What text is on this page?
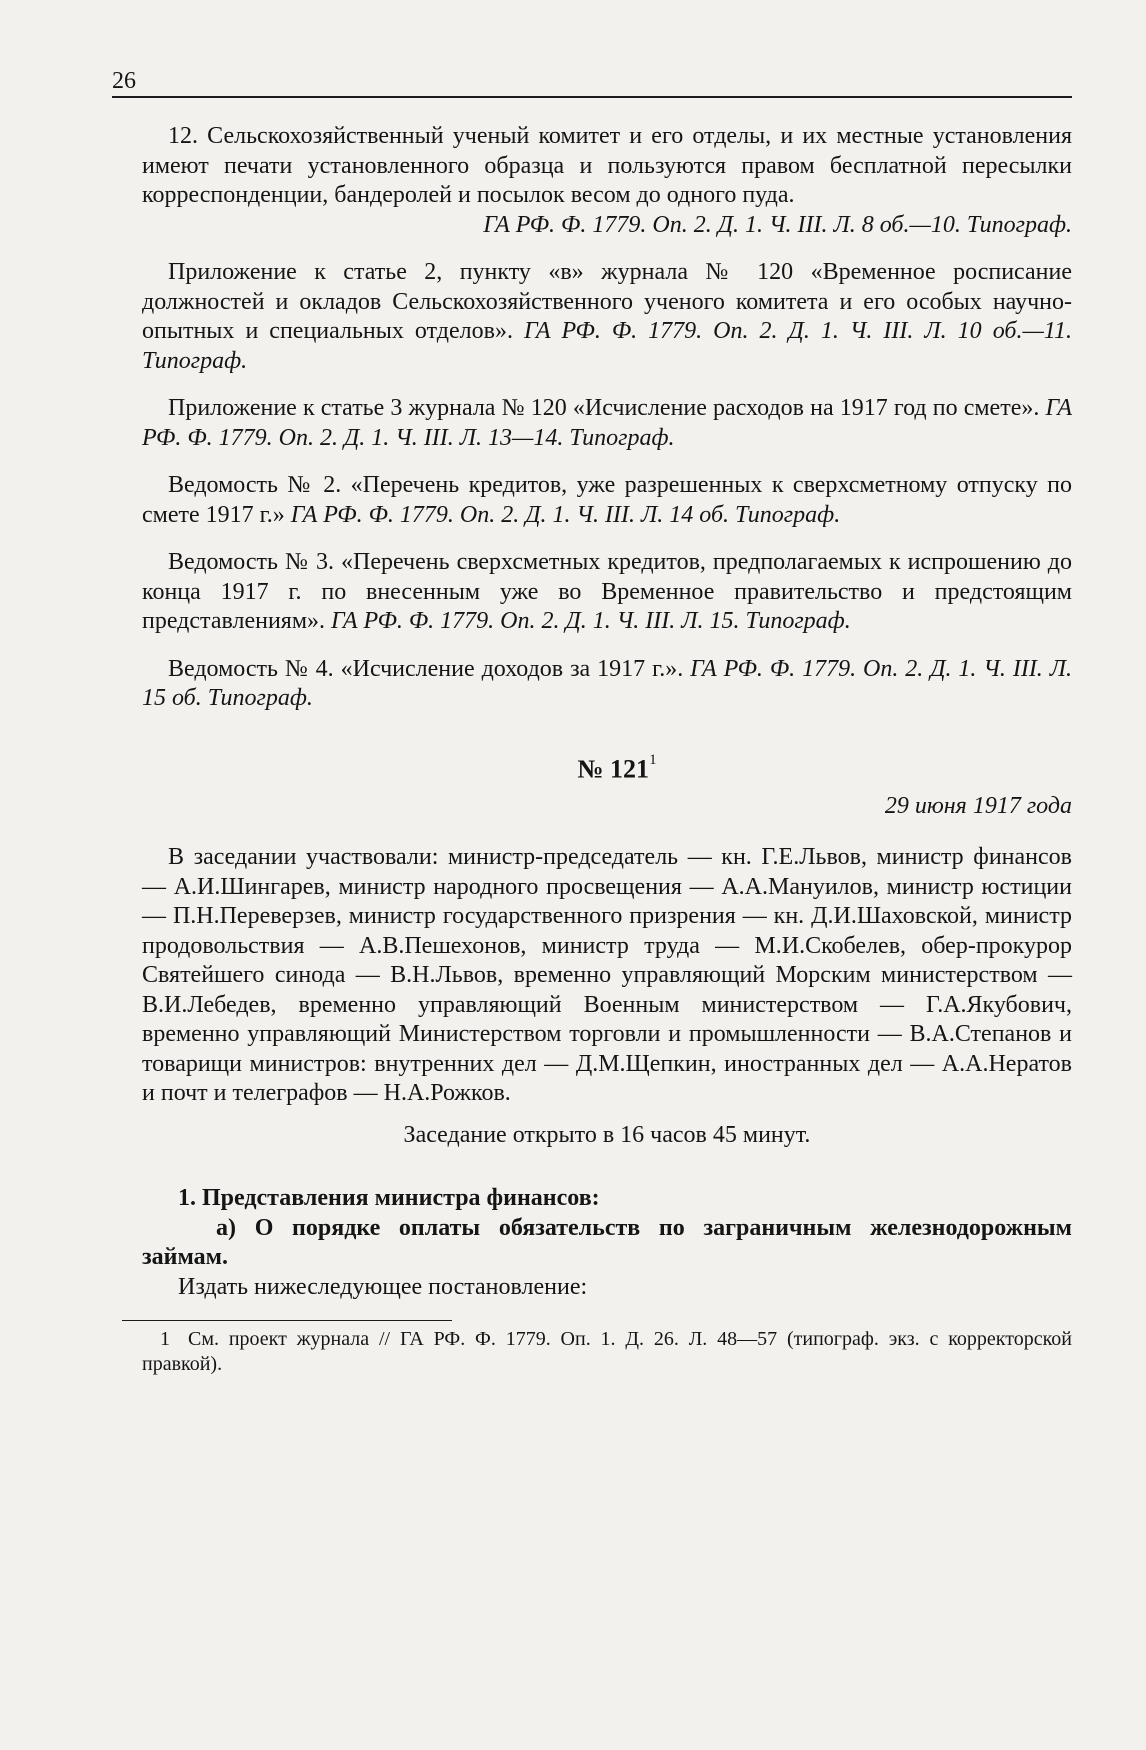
26

12. Сельскохозяйственный ученый комитет и его отделы, и их местные установления имеют печати установленного образца и пользуются правом бесплатной пересылки корреспонденции, бандеролей и посылок весом до одного пуда.

ГА РФ. Ф. 1779. Оп. 2. Д. 1. Ч. III. Л. 8 об.—10. Типограф.

Приложение к статье 2, пункту «в» журнала № 120 «Временное росписание должностей и окладов Сельскохозяйственного ученого комитета и его особых научно-опытных и специальных отделов». ГА РФ. Ф. 1779. Оп. 2. Д. 1. Ч. III. Л. 10 об.—11. Типограф.

Приложение к статье 3 журнала № 120 «Исчисление расходов на 1917 год по смете». ГА РФ. Ф. 1779. Оп. 2. Д. 1. Ч. III. Л. 13—14. Типограф.

Ведомость № 2. «Перечень кредитов, уже разрешенных к сверхсметному отпуску по смете 1917 г.» ГА РФ. Ф. 1779. Оп. 2. Д. 1. Ч. III. Л. 14 об. Типограф.

Ведомость № 3. «Перечень сверхсметных кредитов, предполагаемых к испрошению до конца 1917 г. по внесенным уже во Временное правительство и предстоящим представлениям». ГА РФ. Ф. 1779. Оп. 2. Д. 1. Ч. III. Л. 15. Типограф.

Ведомость № 4. «Исчисление доходов за 1917 г.». ГА РФ. Ф. 1779. Оп. 2. Д. 1. Ч. III. Л. 15 об. Типограф.

№ $121^1$

29 июня 1917 года

В заседании участвовали: министр-председатель — кн. Г.Е.Львов, министр финансов — А.И.Шингарев, министр народного просвещения — А.А.Мануилов, министр юстиции — П.Н.Переверзев, министр государственного призрения — кн. Д.И.Шаховской, министр продовольствия — А.В.Пешехонов, министр труда — М.И.Скобелев, обер-прокурор Святейшего синода — В.Н.Львов, временно управляющий Морским министерством — В.И.Лебедев, временно управляющий Военным министерством — Г.А.Якубович, временно управляющий Министерством торговли и промышленности — В.А.Степанов и товарищи министров: внутренних дел — Д.М.Щепкин, иностранных дел — А.А.Нератов и почт и телеграфов — Н.А.Рожков.

Заседание открыто в 16 часов 45 минут.

1. Представления министра финансов:

а) О порядке оплаты обязательств по заграничным железнодорожным займам.

Издать нижеследующее постановление:

1 См. проект журнала // ГА РФ. Ф. 1779. Оп. 1. Д. 26. Л. 48—57 (типограф. экз. с корректорской правкой).
